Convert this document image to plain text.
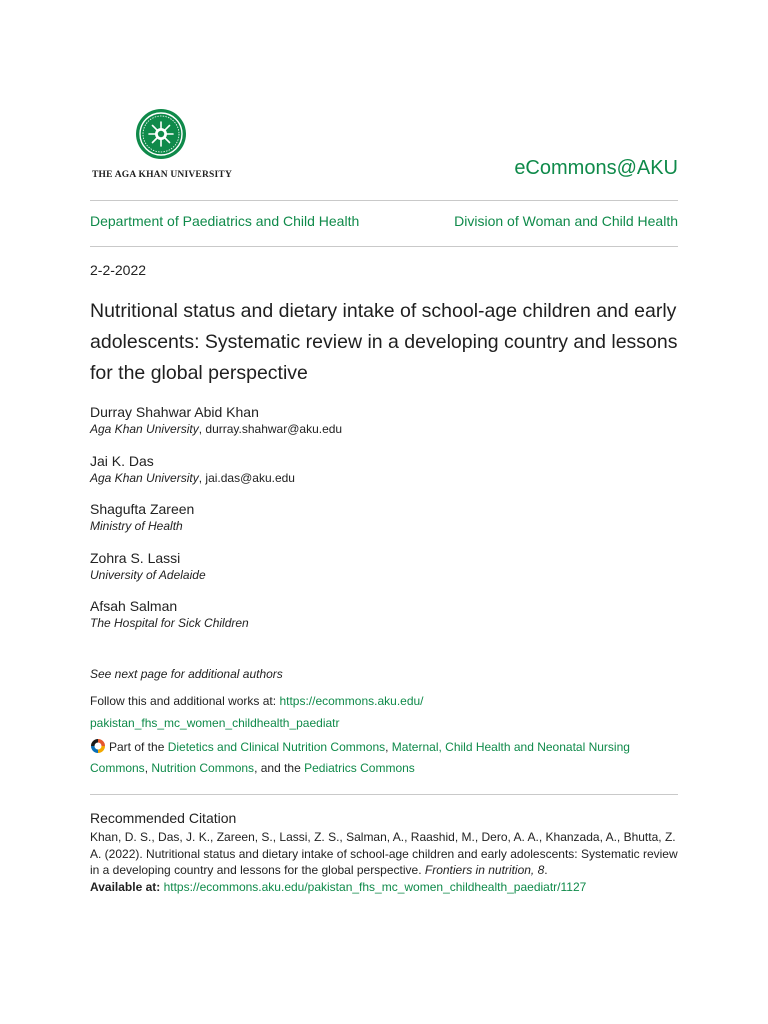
THE AGA KHAN UNIVERSITY	eCommons@AKU
Department of Paediatrics and Child Health	Division of Woman and Child Health
2-2-2022
Nutritional status and dietary intake of school-age children and early adolescents: Systematic review in a developing country and lessons for the global perspective
Durray Shahwar Abid Khan
Aga Khan University, durray.shahwar@aku.edu
Jai K. Das
Aga Khan University, jai.das@aku.edu
Shagufta Zareen
Ministry of Health
Zohra S. Lassi
University of Adelaide
Afsah Salman
The Hospital for Sick Children
See next page for additional authors
Follow this and additional works at: https://ecommons.aku.edu/
pakistan_fhs_mc_women_childhealth_paediatr
Part of the Dietetics and Clinical Nutrition Commons, Maternal, Child Health and Neonatal Nursing Commons, Nutrition Commons, and the Pediatrics Commons
Recommended Citation
Khan, D. S., Das, J. K., Zareen, S., Lassi, Z. S., Salman, A., Raashid, M., Dero, A. A., Khanzada, A., Bhutta, Z. A. (2022). Nutritional status and dietary intake of school-age children and early adolescents: Systematic review in a developing country and lessons for the global perspective. Frontiers in nutrition, 8.
Available at: https://ecommons.aku.edu/pakistan_fhs_mc_women_childhealth_paediatr/1127
